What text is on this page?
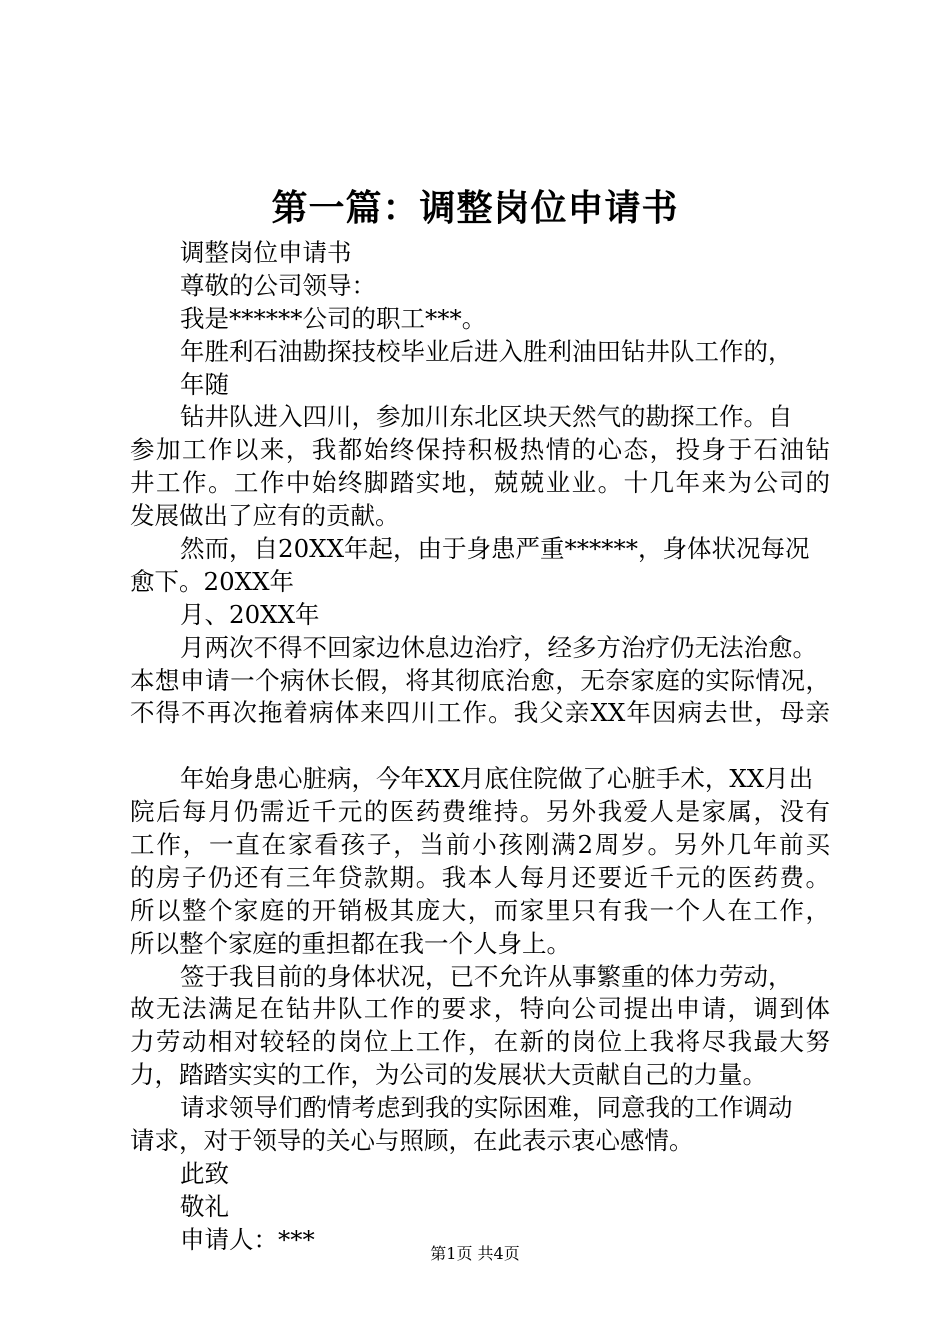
第一篇：调整岗位申请书
调整岗位申请书
尊敬的公司领导：
我是******公司的职工***。
年胜利石油勘探技校毕业后进入胜利油田钻井队工作的，
年随
钻井队进入四川，参加川东北区块天然气的勘探工作。自
参加工作以来，我都始终保持积极热情的心态，投身于石油钻
井工作。工作中始终脚踏实地，兢兢业业。十几年来为公司的
发展做出了应有的贡献。
然而，自20XX年起，由于身患严重******，身体状况每况
愈下。20XX年
月、20XX年
月两次不得不回家边休息边治疗，经多方治疗仍无法治愈。
本想申请一个病休长假，将其彻底治愈，无奈家庭的实际情况，
不得不再次拖着病体来四川工作。我父亲XX年因病去世，母亲
年始身患心脏病，今年XX月底住院做了心脏手术，XX月出
院后每月仍需近千元的医药费维持。另外我爱人是家属，没有
工作，一直在家看孩子，当前小孩刚满2周岁。另外几年前买
的房子仍还有三年贷款期。我本人每月还要近千元的医药费。
所以整个家庭的开销极其庞大，而家里只有我一个人在工作，
所以整个家庭的重担都在我一个人身上。
签于我目前的身体状况，已不允许从事繁重的体力劳动，
故无法满足在钻井队工作的要求，特向公司提出申请，调到体
力劳动相对较轻的岗位上工作，在新的岗位上我将尽我最大努
力，踏踏实实的工作，为公司的发展状大贡献自己的力量。
请求领导们酌情考虑到我的实际困难，同意我的工作调动
请求，对于领导的关心与照顾，在此表示衷心感情。
此致
敬礼
申请人：***	第1页 共4页
